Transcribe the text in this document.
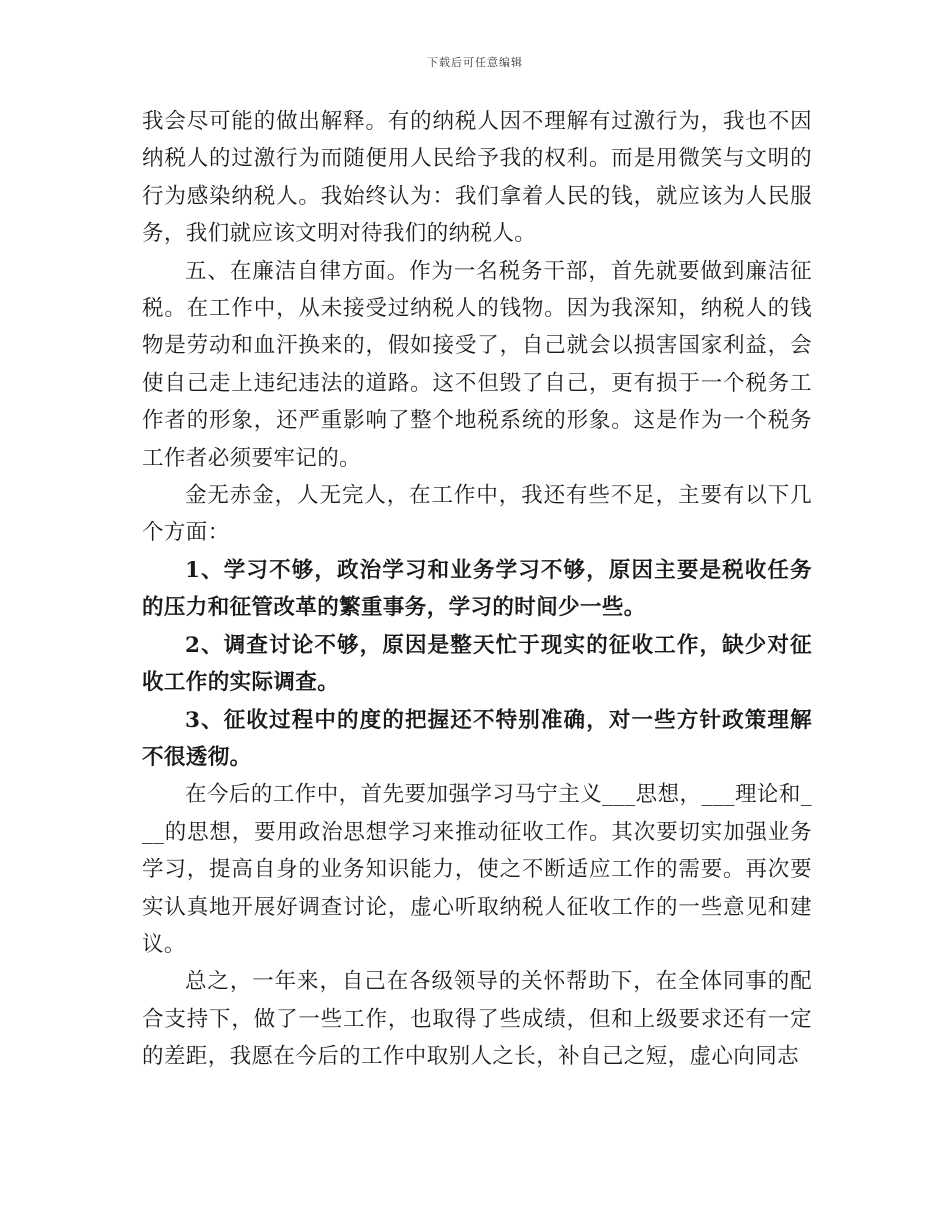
下载后可任意编辑

我会尽可能的做出解释。有的纳税人因不理解有过激行为，我也不因纳税人的过激行为而随便用人民给予我的权利。而是用微笑与文明的行为感染纳税人。我始终认为：我们拿着人民的钱，就应该为人民服务，我们就应该文明对待我们的纳税人。

五、在廉洁自律方面。作为一名税务干部，首先就要做到廉洁征税。在工作中，从未接受过纳税人的钱物。因为我深知，纳税人的钱物是劳动和血汗换来的，假如接受了，自己就会以损害国家利益，会使自己走上违纪违法的道路。这不但毁了自己，更有损于一个税务工作者的形象，还严重影响了整个地税系统的形象。这是作为一个税务工作者必须要牢记的。

金无赤金，人无完人，在工作中，我还有些不足，主要有以下几个方面：

1、学习不够，政治学习和业务学习不够，原因主要是税收任务的压力和征管改革的繁重事务，学习的时间少一些。

2、调查讨论不够，原因是整天忙于现实的征收工作，缺少对征收工作的实际调查。

3、征收过程中的度的把握还不特别准确，对一些方针政策理解不很透彻。

在今后的工作中，首先要加强学习马宁主义___思想，___理论和___的思想，要用政治思想学习来推动征收工作。其次要切实加强业务学习，提高自身的业务知识能力，使之不断适应工作的需要。再次要实认真地开展好调查讨论，虚心听取纳税人征收工作的一些意见和建议。

总之，一年来，自己在各级领导的关怀帮助下，在全体同事的配合支持下，做了一些工作，也取得了些成绩，但和上级要求还有一定的差距，我愿在今后的工作中取别人之长，补自己之短，虚心向同志
